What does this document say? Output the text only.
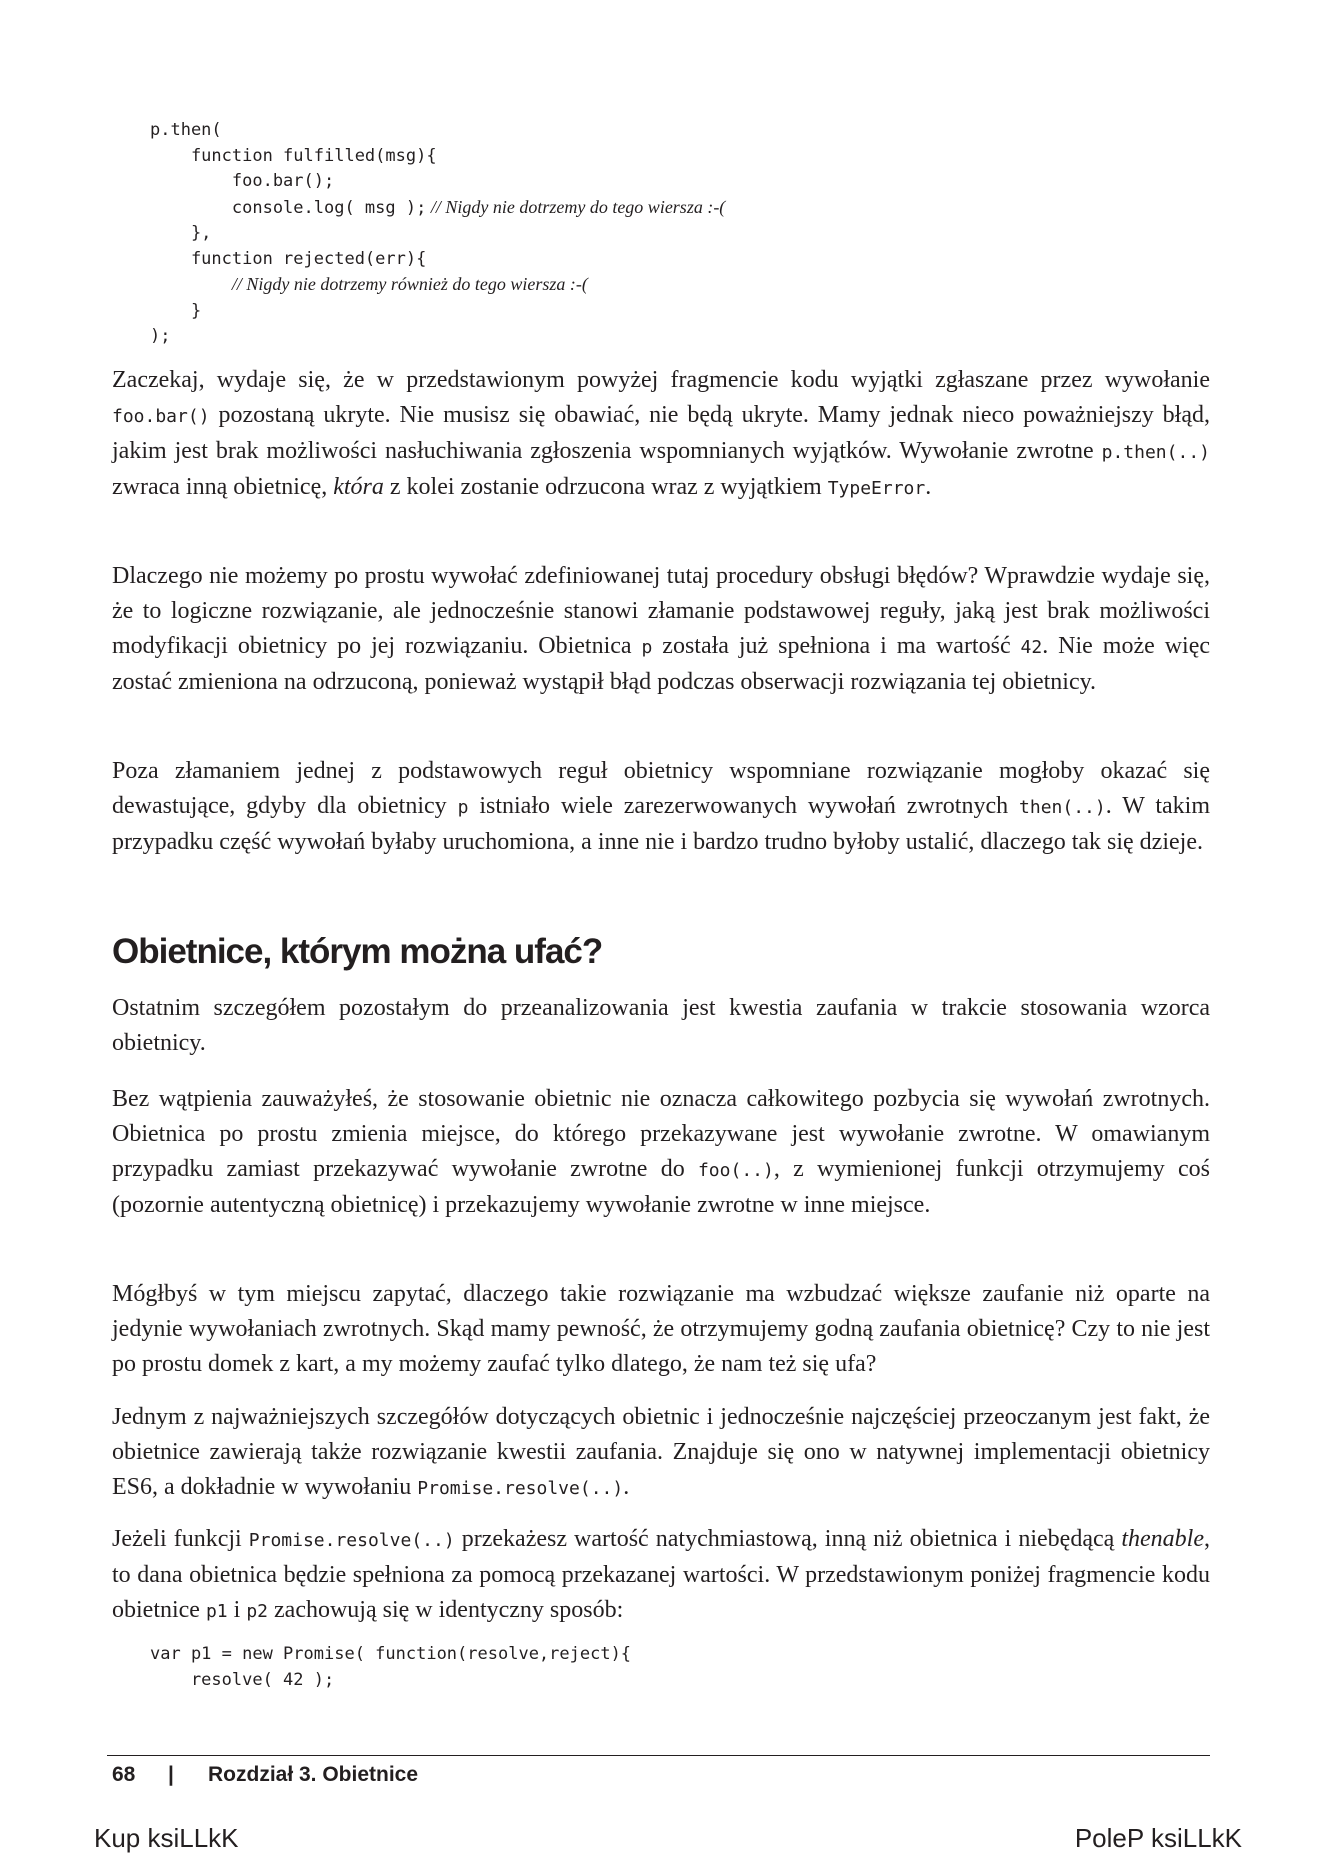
p.then(
function fulfilled(msg){
foo.bar();
console.log( msg ); // Nigdy nie dotrzemy do tego wiersza :-(
},
function rejected(err){
// Nigdy nie dotrzemy również do tego wiersza :-(
}
);

Zaczekaj, wydaje się, że w przedstawionym powyżej fragmencie kodu wyjątki zgłaszane przez wywołanie foo.bar() pozostaną ukryte. Nie musisz się obawiać, nie będą ukryte. Mamy jednak nieco poważniejszy błąd, jakim jest brak możliwości nasłuchiwania zgłoszenia wspomnianych wyjątków. Wywołanie zwrotne p.then(..) zwraca inną obietnicę, która z kolei zostanie odrzucona wraz z wyjątkiem TypeError.

Dlaczego nie możemy po prostu wywołać zdefiniowanej tutaj procedury obsługi błędów? Wprawdzie wydaje się, że to logiczne rozwiązanie, ale jednocześnie stanowi złamanie podstawowej reguły, jaką jest brak możliwości modyfikacji obietnicy po jej rozwiązaniu. Obietnica p została już spełniona i ma wartość 42. Nie może więc zostać zmieniona na odrzuconą, ponieważ wystąpił błąd podczas obserwacji rozwiązania tej obietnicy.

Poza złamaniem jednej z podstawowych reguł obietnicy wspomniane rozwiązanie mogłoby okazać się dewastujące, gdyby dla obietnicy p istniało wiele zarezerwowanych wywołań zwrotnych then(..). W takim przypadku część wywołań byłaby uruchomiona, a inne nie i bardzo trudno byłoby ustalić, dlaczego tak się dzieje.

Obietnice, którym można ufać?

Ostatnim szczegółem pozostałym do przeanalizowania jest kwestia zaufania w trakcie stosowania wzorca obietnicy.

Bez wątpienia zauważyłeś, że stosowanie obietnic nie oznacza całkowitego pozbycia się wywołań zwrotnych. Obietnica po prostu zmienia miejsce, do którego przekazywane jest wywołanie zwrotne. W omawianym przypadku zamiast przekazywać wywołanie zwrotne do foo(..), z wymienionej funkcji otrzymujemy coś (pozornie autentyczną obietnicę) i przekazujemy wywołanie zwrotne w inne miejsce.

Mógłbyś w tym miejscu zapytać, dlaczego takie rozwiązanie ma wzbudzać większe zaufanie niż oparte na jedynie wywołaniach zwrotnych. Skąd mamy pewność, że otrzymujemy godną zaufania obietnicę? Czy to nie jest po prostu domek z kart, a my możemy zaufać tylko dlatego, że nam też się ufa?

Jednym z najważniejszych szczegółów dotyczących obietnic i jednocześnie najczęściej przeoczanym jest fakt, że obietnice zawierają także rozwiązanie kwestii zaufania. Znajduje się ono w natywnej implementacji obietnicy ES6, a dokładnie w wywołaniu Promise.resolve(..).

Jeżeli funkcji Promise.resolve(..) przekażesz wartość natychmiastową, inną niż obietnica i niebędącą thenable, to dana obietnica będzie spełniona za pomocą przekazanej wartości. W przedstawionym poniżej fragmencie kodu obietnice p1 i p2 zachowują się w identyczny sposób:

var p1 = new Promise( function(resolve,reject){
resolve( 42 );
68 | Rozdział 3. Obietnice
Kup ksiLLkK	PoleP ksiLLkK
